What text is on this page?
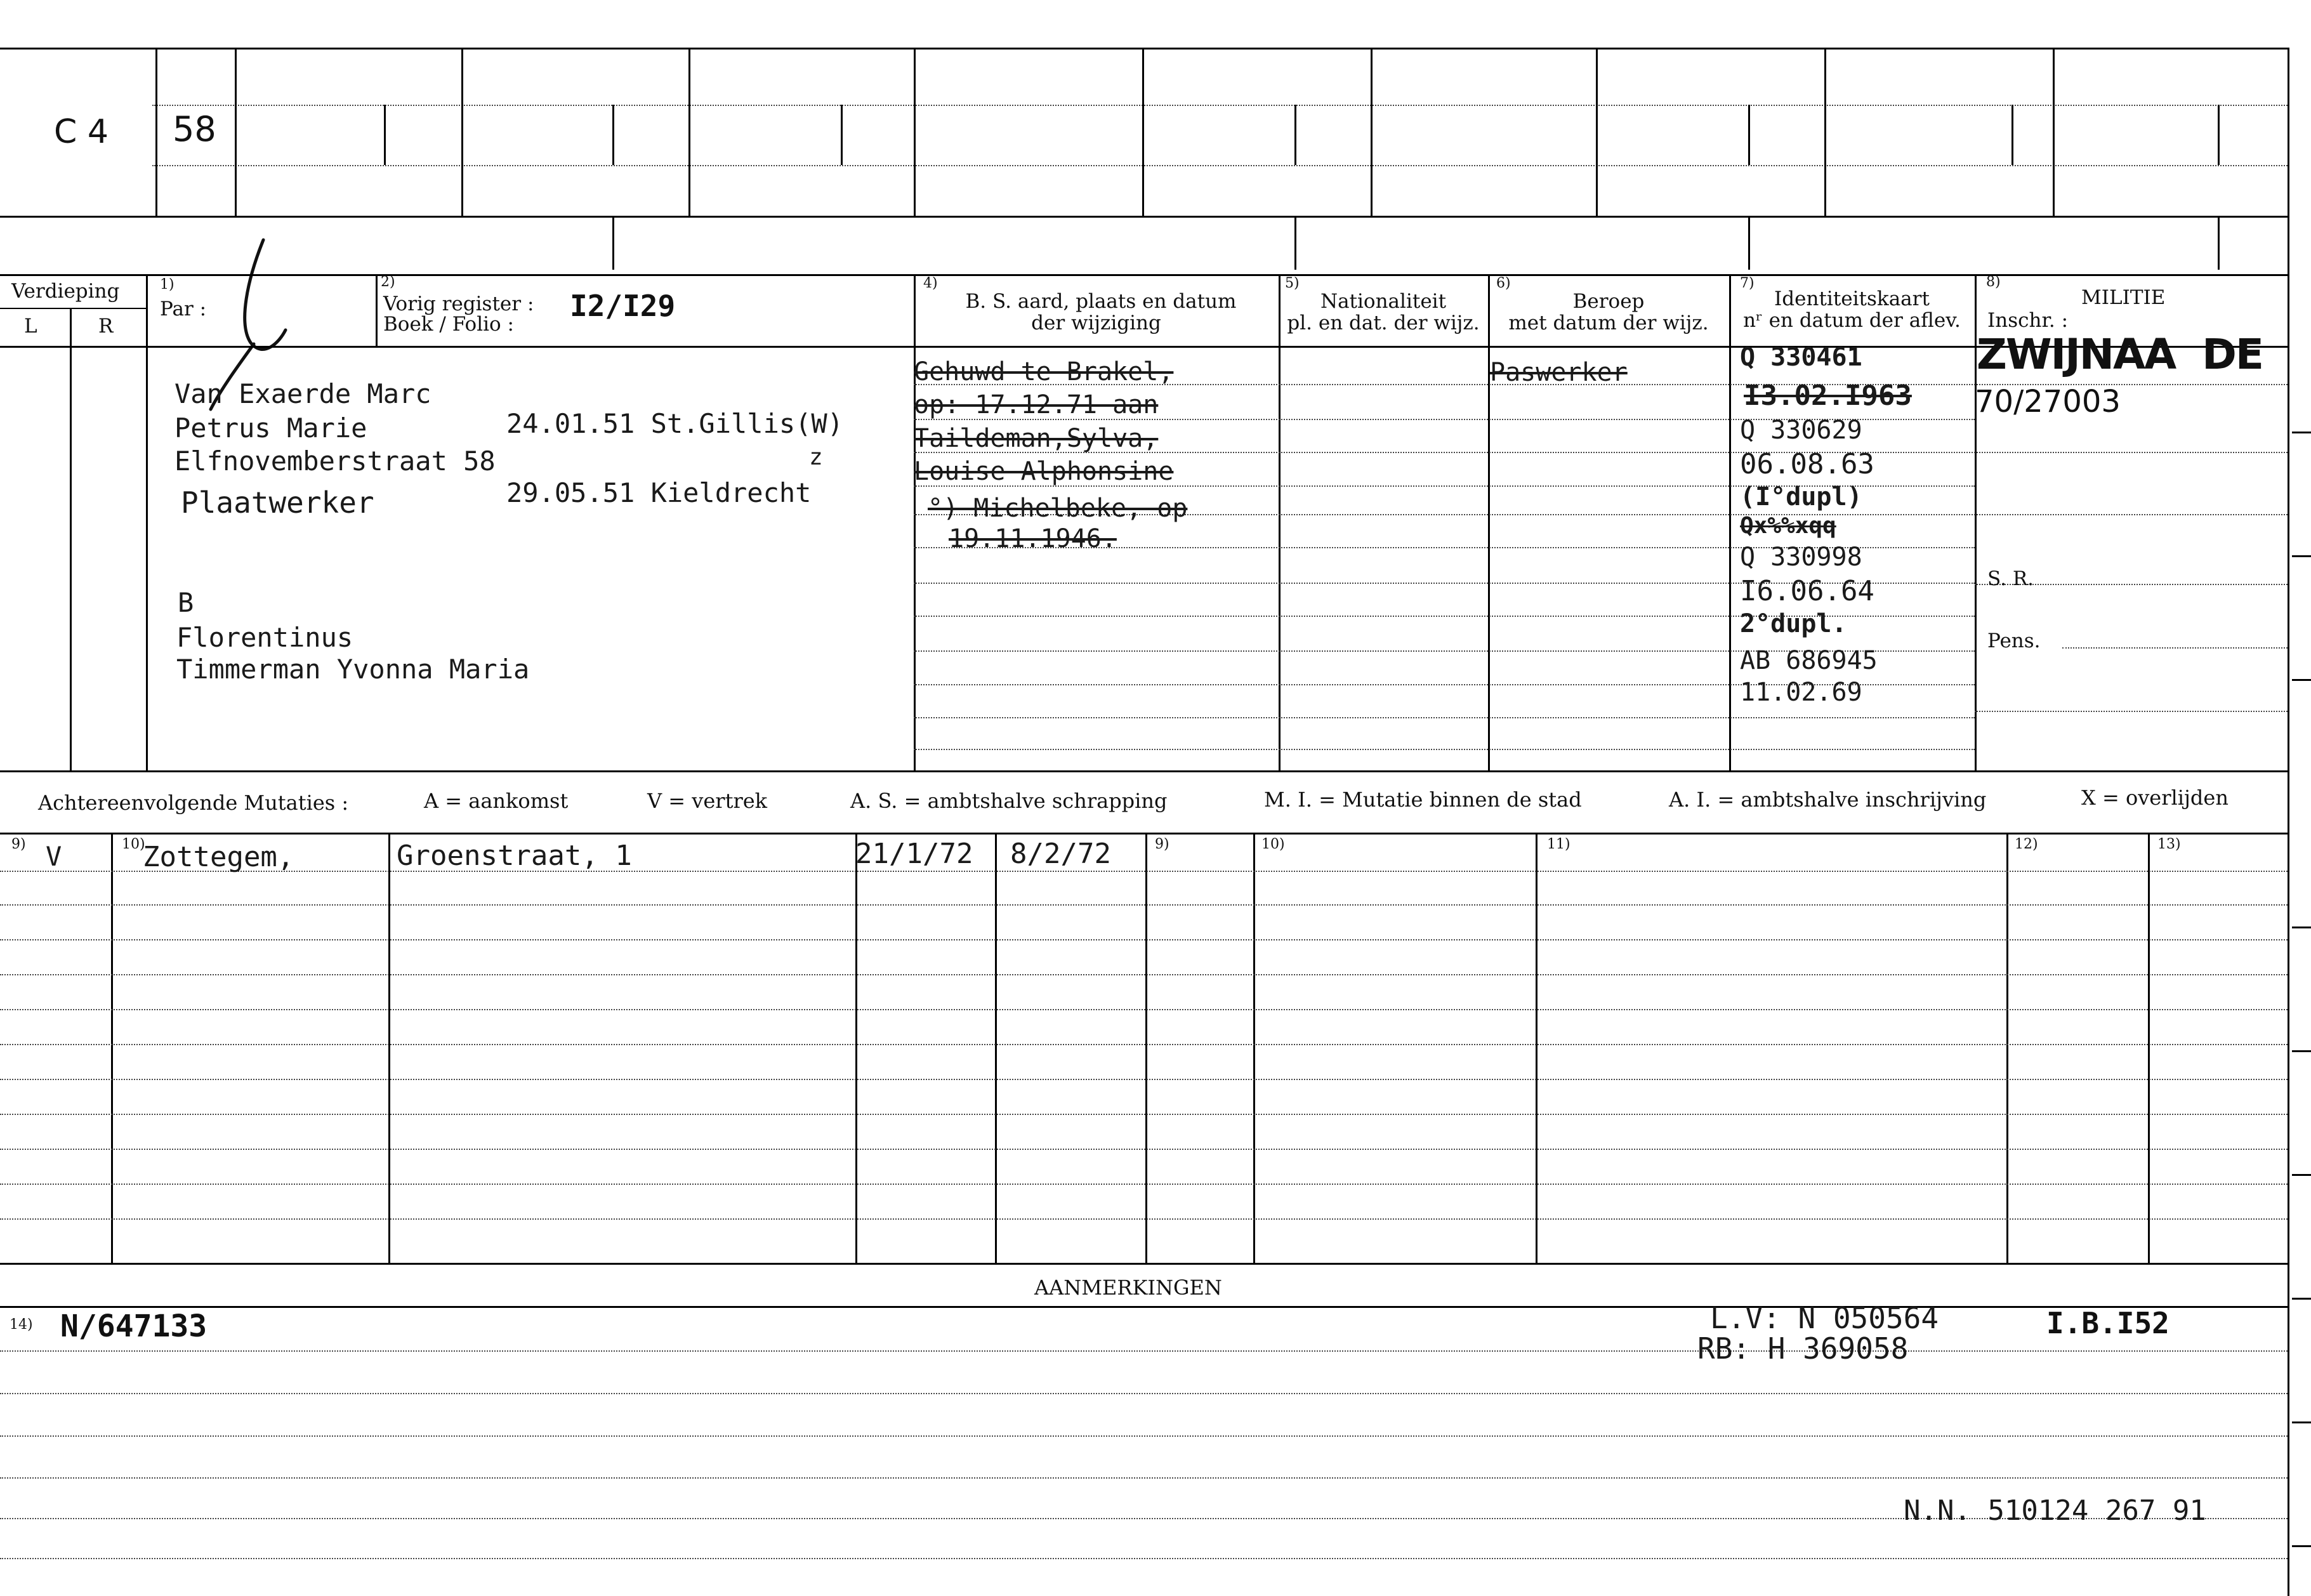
C 4 58
Verdieping
L	R
1)
Par :
2)
Vorig register :
Boek / Folio :
I2/I29
4)
B. S. aard, plaats en datum
der wijziging
5)
Nationaliteit
pl. en dat. der wijz.
6)
Beroep
met datum der wijz.
7)
Identiteitskaart
nʳ en datum der aflev.
8)
MILITIE
Inschr. :
Van Exaerde Marc
Petrus Marie	24.01.51 St.Gillis(W)
Elfnovemberstraat 58	z
Plaatwerker	29.05.51 Kieldrecht
B
Florentinus
Timmerman Yvonna Maria
Gehuwd te Brakel,
op: 17.12.71 aan
Taildeman,Sylva,
Louise Alphonsine
°) Michelbeke, op
19.11.1946.
Paswerker
Q 330461
I3.02.I963
Q 330629
06.08.63
(I°dupl)
Qx%%xqq
Q 330998
I6.06.64
2°dupl.
AB 686945
11.02.69
ZWIJNAA  DE
70/27003
S. R.
Pens.
Achtereenvolgende Mutaties :	A = aankomst	V = vertrek	A. S. = ambtshalve schrapping	M. I. = Mutatie binnen de stad	A. I. = ambtshalve inschrijving	X = overlijden
9)	10)	9)	10)	11)	12)	13)
V	Zottegem,	Groenstraat, 1	21/1/72 8/2/72
AANMERKINGEN
14) N/647133	L.V: N 050564
RB: H 369058
I.B.I52
N.N. 510124 267 91
